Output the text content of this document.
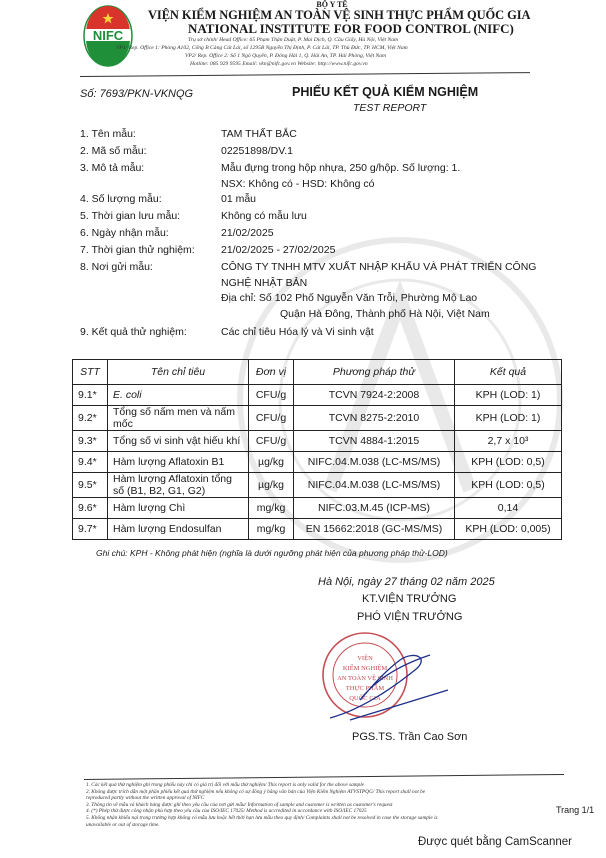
NIFC
BỘ Y TẾ
VIỆN KIỂM NGHIỆM AN TOÀN VỆ SINH THỰC PHẨM QUỐC GIA
NATIONAL INSTITUTE FOR FOOD CONTROL (NIFC)
Trụ sở chính/ Head Office: 65 Phạm Thận Duật, P. Mai Dịch, Q. Cầu Giấy, Hà Nội, Việt Nam
VP1/ Rep. Office 1: Phòng A102, Cổng B Cảng Cát Lái, số 1295B Nguyễn Thị Định, P. Cát Lái, TP. Thủ Đức, TP. HCM, Việt Nam
VP2/ Rep. Office 2: Số 1 Ngô Quyền, P. Đông Hải 1, Q. Hải An, TP. Hải Phòng, Việt Nam
Hotline: 085 929 9595 Email: vkn@nifc.gov.vn Website: http://www.nifc.gov.vn
Số: 7693/PKN-VKNQG	PHIẾU KẾT QUẢ KIỂM NGHIỆM
TEST REPORT
1. Tên mẫu:	TAM THẤT BẮC
2. Mã số mẫu:	02251898/DV.1
3. Mô tả mẫu:	Mẫu đựng trong hộp nhựa, 250 g/hộp. Số lượng: 1.
NSX: Không có - HSD: Không có
4. Số lượng mẫu:	01 mẫu
5. Thời gian lưu mẫu:	Không có mẫu lưu
6. Ngày nhận mẫu:	21/02/2025
7. Thời gian thử nghiệm:	21/02/2025 - 27/02/2025
8. Nơi gửi mẫu:	CÔNG TY TNHH MTV XUẤT NHẬP KHẨU VÀ PHÁT TRIỂN CÔNG
NGHỆ NHẬT BẢN
Địa chỉ: Số 102 Phố Nguyễn Văn Trỗi, Phường Mộ Lao
Quận Hà Đông, Thành phố Hà Nội, Việt Nam
9. Kết quả thử nghiệm:	Các chỉ tiêu Hóa lý và Vi sinh vật
STT	Tên chỉ tiêu	Đơn vị	Phương pháp thử	Kết quả
9.1*	E. coli	CFU/g	TCVN 7924-2:2008	KPH (LOD: 1)
9.2*	Tổng số nấm men và nấm mốc	CFU/g	TCVN 8275-2:2010	KPH (LOD: 1)
9.3*	Tổng số vi sinh vật hiếu khí	CFU/g	TCVN 4884-1:2015	2,7 x 10³
9.4*	Hàm lượng Aflatoxin B1	µg/kg	NIFC.04.M.038 (LC-MS/MS)	KPH (LOD: 0,5)
9.5*	Hàm lượng Aflatoxin tổng số (B1, B2, G1, G2)	µg/kg	NIFC.04.M.038 (LC-MS/MS)	KPH (LOD: 0,5)
9.6*	Hàm lượng Chì	mg/kg	NIFC.03.M.45 (ICP-MS)	0,14
9.7*	Hàm lượng Endosulfan	mg/kg	EN 15662:2018 (GC-MS/MS)	KPH (LOD: 0,005)
Ghi chú: KPH - Không phát hiện (nghĩa là dưới ngưỡng phát hiện của phương pháp thử-LOD)
Hà Nội, ngày 27 tháng 02 năm 2025
KT.VIỆN TRƯỞNG
PHÓ VIỆN TRƯỞNG
VIỆN
KIỂM NGHIỆM
AN TOÀN VỆ SINH
THỰC PHẨM
QUỐC GIA
PGS.TS. Trần Cao Sơn
1. Các kết quả thử nghiệm ghi trong phiếu này chỉ có giá trị đối với mẫu thử nghiệm/ This report is only valid for the above sample
2. Không được trích dẫn một phần phiếu kết quả thử nghiệm nếu không có sự đồng ý bằng văn bản của Viện Kiểm Nghiệm ATVSTPQG/ This report shall not be
reproduced partly without the written approval of NIFC
3. Thông tin về mẫu và khách hàng được ghi theo yêu cầu của nơi gửi mẫu/ Information of sample and customer is written as customer's request
4. (*) Phép thử được công nhận phù hợp theo yêu cầu của ISO/IEC 17025/ Method is accredited in accordance with ISO/IEC 17025
5. Không nhận khiếu nại trong trường hợp không có mẫu lưu hoặc hết thời hạn lưu mẫu theo quy định/ Complaints shall not be resolved in case the storage sample is
unavailable or out of storage time.
Trang 1/1
Được quét bằng CamScanner
